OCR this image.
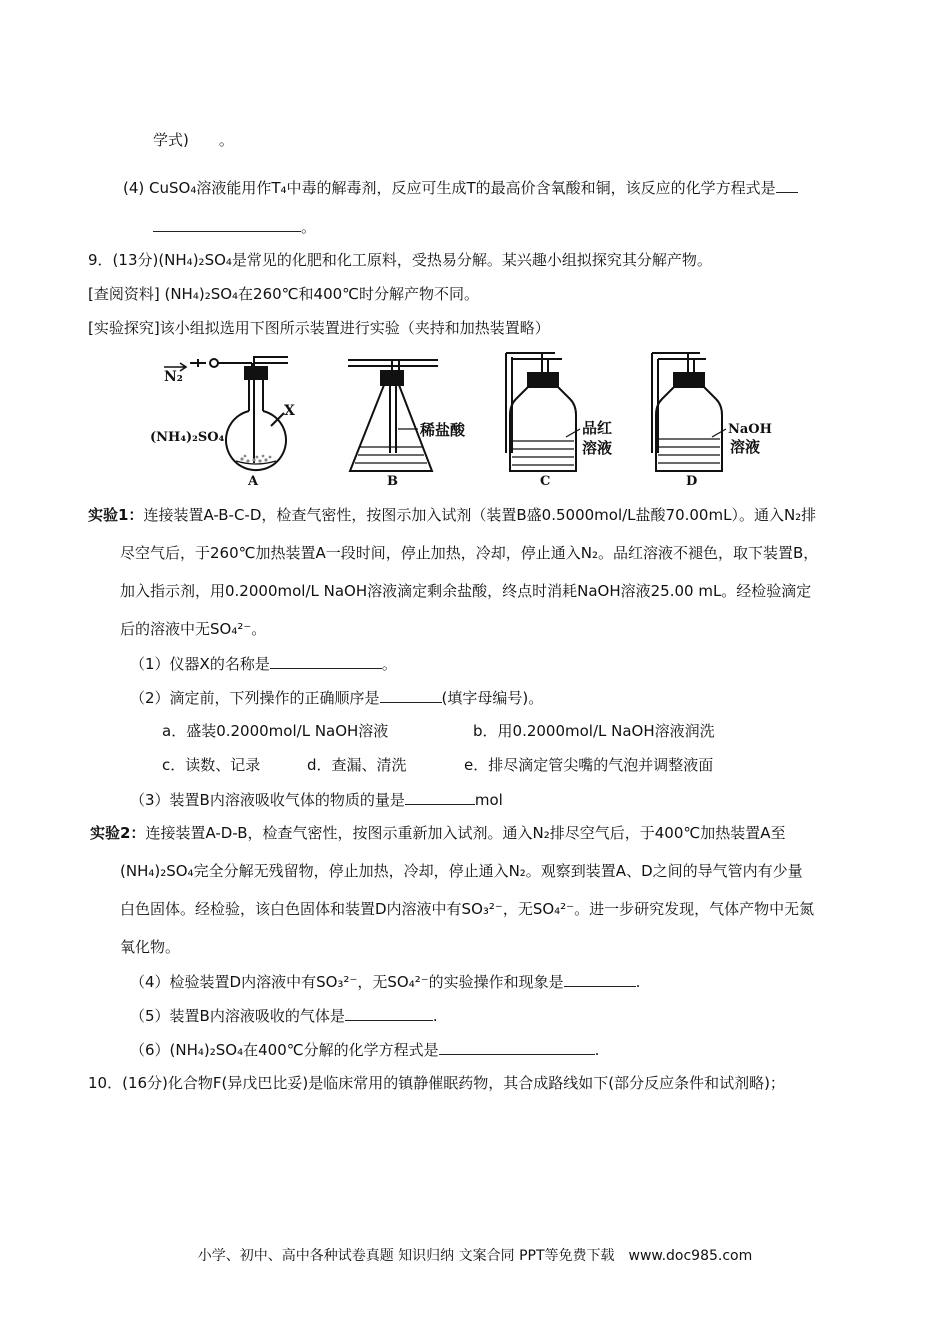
学式)　　。
(4) CuSO₄溶液能用作T₄中毒的解毒剂，反应可生成T的最高价含氧酸和铜，该反应的化学方程式是
。
9．(13分)(NH₄)₂SO₄是常见的化肥和化工原料，受热易分解。某兴趣小组拟探究其分解产物。
[查阅资料] (NH₄)₂SO₄在260℃和400℃时分解产物不同。
[实验探究]该小组拟选用下图所示装置进行实验（夹持和加热装置略）
N₂
X
(NH₄)₂SO₄	稀盐酸	品红
溶液
NaOH
溶液
A	B	C	D
实验1：连接装置A-B-C-D，检查气密性，按图示加入试剂（装置B盛0.5000mol/L盐酸70.00mL）。通入N₂排
尽空气后，于260℃加热装置A一段时间，停止加热，冷却，停止通入N₂。品红溶液不褪色，取下装置B，
加入指示剂，用0.2000mol/L NaOH溶液滴定剩余盐酸，终点时消耗NaOH溶液25.00 mL。经检验滴定
后的溶液中无SO₄²⁻。
（1）仪器X的名称是	。
（2）滴定前，下列操作的正确顺序是	(填字母编号)。
a．盛装0.2000mol/L NaOH溶液	b．用0.2000mol/L NaOH溶液润洗
c．读数、记录	d．查漏、清洗	e．排尽滴定管尖嘴的气泡并调整液面
（3）装置B内溶液吸收气体的物质的量是	mol
实验2：连接装置A-D-B，检查气密性，按图示重新加入试剂。通入N₂排尽空气后，于400℃加热装置A至
(NH₄)₂SO₄完全分解无残留物，停止加热，冷却，停止通入N₂。观察到装置A、D之间的导气管内有少量
白色固体。经检验，该白色固体和装置D内溶液中有SO₃²⁻，无SO₄²⁻。进一步研究发现，气体产物中无氮
氧化物。
（4）检验装置D内溶液中有SO₃²⁻，无SO₄²⁻的实验操作和现象是	.
（5）装置B内溶液吸收的气体是	.
（6）(NH₄)₂SO₄在400℃分解的化学方程式是	.
10．(16分)化合物F(异戊巴比妥)是临床常用的镇静催眠药物，其合成路线如下(部分反应条件和试剂略)；
小学、初中、高中各种试卷真题 知识归纳 文案合同 PPT等免费下载　www.doc985.com
